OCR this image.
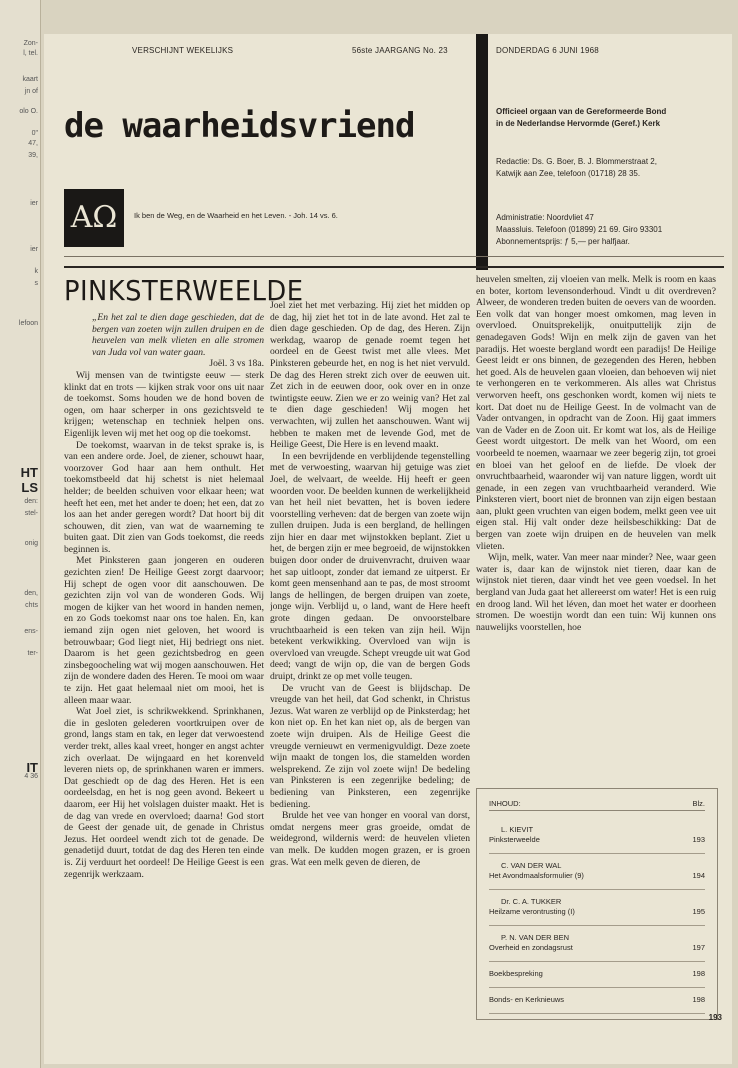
Zon-
l, tel.
kaart
jn of
olo O.
0"
47,
39,
ier
ier
k
s
lefoon
HT
LS
den:
stel-
onig
den,
chts
ens-
ter-
IT
4 36
VERSCHIJNT WEKELIJKS	56ste JAARGANG No. 23	DONDERDAG 6 JUNI 1968
de waarheidsvriend
ΑΩ	Ik ben de Weg, en de Waarheid en het Leven. - Joh. 14 vs. 6.
Officieel orgaan van de Gereformeerde Bond
in de Nederlandse Hervormde (Geref.) Kerk
Redactie: Ds. G. Boer, B. J. Blommerstraat 2,
Katwijk aan Zee, telefoon (01718) 28 35.
Administratie: Noordvliet 47
Maassluis. Telefoon (01899) 21 69. Giro 93301
Abonnementsprijs: ƒ 5,— per halfjaar.
PINKSTERWEELDE

„En het zal te dien dage geschieden, dat de bergen van zoeten wijn zullen druipen en de heuvelen van melk vlieten en alle stromen van Juda vol van water gaan.

Joël. 3 vs 18a.

Wij mensen van de twintigste eeuw — sterk klinkt dat en trots — kijken strak voor ons uit naar de toekomst. Soms houden we de hond boven de ogen, om haar scherper in ons gezichtsveld te krijgen; wetenschap en techniek helpen ons. Eigenlijk leven wij met het oog op die toekomst.

De toekomst, waarvan in de tekst sprake is, is van een andere orde. Joel, de ziener, schouwt haar, voorzover God haar aan hem onthult. Het toekomstbeeld dat hij schetst is niet helemaal helder; de beelden schuiven voor elkaar heen; wat heeft het een, met het ander te doen; het een, dat zo los aan het ander geregen wordt? Dat hoort bij dit schouwen, dit zien, van wat de waarneming te buiten gaat. Dit zien van Gods toekomst, die reeds beginnen is.

Met Pinksteren gaan jongeren en ouderen gezichten zien! De Heilige Geest zorgt daarvoor; Hij schept de ogen voor dit aanschouwen. De gezichten zijn vol van de wonderen Gods. Wij mogen de kijker van het woord in handen nemen, en zo Gods toekomst naar ons toe halen. En, kan iemand zijn ogen niet geloven, het woord is betrouwbaar; God liegt niet, Hij bedriegt ons niet. Daarom is het geen gezichtsbedrog en geen zinsbegoocheling wat wij mogen aanschouwen. Het zijn de wondere daden des Heren. Te mooi om waar te zijn. Het gaat helemaal niet om mooi, het is alleen maar waar.

Wat Joel ziet, is schrikwekkend. Sprinkhanen, die in gesloten gelederen voortkruipen over de grond, langs stam en tak, en leger dat verwoestend verder trekt, alles kaal vreet, honger en angst achter zich overlaat. De wijngaard en het korenveld leveren niets op, de sprinkhanen waren er immers. Dat geschiedt op de dag des Heren. Het is een oordeelsdag, en het is nog geen avond. Bekeert u daarom, eer Hij het volslagen duister maakt. Het is de dag van vrede en overvloed; daarna! God stort de Geest der genade uit, de genade in Christus Jezus. Het oordeel wendt zich tot de genade. De genadetijd duurt, totdat de dag des Heren ten einde is. Zij verduurt het oordeel! De Heilige Geest is een zegenrijk werkzaam.

Joel ziet het met verbazing. Hij ziet het midden op de dag, hij ziet het tot in de late avond. Het zal te dien dage geschieden. Op de dag, des Heren. Zijn werkdag, waarop de genade roemt tegen het oordeel en de Geest twist met alle vlees. Met Pinksteren gebeurde het, en nog is het niet vervuld. De dag des Heren strekt zich over de eeuwen uit. Zet zich in de eeuwen door, ook over en in onze twintigste eeuw. Zien we er zo weinig van? Het zal te dien dage geschieden! Wij mogen het verwachten, wij zullen het aanschouwen. Want wij hebben te maken met de levende God, met de Heilige Geest, Die Here is en levend maakt.

In een bevrijdende en verblijdende tegenstelling met de verwoesting, waarvan hij getuige was ziet Joel, de welvaart, de weelde. Hij heeft er geen woorden voor. De beelden kunnen de werkelijkheid van het heil niet bevatten, het is boven iedere voorstelling verheven: dat de bergen van zoete wijn zullen druipen. Juda is een bergland, de hellingen zijn hier en daar met wijnstokken beplant. Ziet u het, de bergen zijn er mee begroeid, de wijnstokken buigen door onder de druivenvracht, druiven waar het sap uitloopt, zonder dat iemand ze uitperst. Er komt geen mensenhand aan te pas, de most stroomt langs de hellingen, de bergen druipen van zoete, jonge wijn. Verblijd u, o land, want de Here heeft grote dingen gedaan. De onvoorstelbare vruchtbaarheid is een teken van zijn heil. Wijn betekent verkwikking. Overvloed van wijn is overvloed van vreugde. Schept vreugde uit wat God deed; vangt de wijn op, die van de bergen Gods druipt, drinkt ze op met volle teugen.

De vrucht van de Geest is blijdschap. De vreugde van het heil, dat God schenkt, in Christus Jezus. Wat waren ze verblijd op de Pinksterdag; het kon niet op. En het kan niet op, als de bergen van zoete wijn druipen. Als de Heilige Geest die vreugde vernieuwt en vermenigvuldigt. Deze zoete wijn maakt de tongen los, die stamelden worden welsprekend. Ze zijn vol zoete wijn! De bedeling van Pinksteren is een zegenrijke bedeling; de bediening van Pinksteren, een zegenrijke bediening.

Brulde het vee van honger en vooral van dorst, omdat nergens meer gras groeide, omdat de weidegrond, wildernis werd: de heuvelen vlieten van melk. De kudden mogen grazen, er is groen gras. Wat een melk geven de dieren, de

heuvelen smelten, zij vloeien van melk. Melk is room en kaas en boter, kortom levensonderhoud. Vindt u dit overdreven? Alweer, de wonderen treden buiten de oevers van de woorden. Een volk dat van honger moest omkomen, mag leven in overvloed. Onuitsprekelijk, onuitputtelijk zijn de genadegaven Gods! Wijn en melk zijn de gaven van het paradijs. Het woeste bergland wordt een paradijs! De Heilige Geest leidt er ons binnen, de gezegenden des Heren, hebben het goed. Als de heuvelen gaan vloeien, dan behoeven wij niet te verhongeren en te verkommeren. Als alles wat Christus verworven heeft, ons geschonken wordt, komen wij niets te kort. Dat doet nu de Heilige Geest. In de volmacht van de Vader ontvangen, in opdracht van de Zoon. Hij gaat immers van de Vader en de Zoon uit. Er komt wat los, als de Heilige Geest wordt uitgestort. De melk van het Woord, om een voorbeeld te noemen, waarnaar we zeer begerig zijn, tot groei en bloei van het geloof en de liefde. De vloek der onvruchtbaarheid, waaronder wij van nature liggen, wordt uit genade, in een zegen van vruchtbaarheid veranderd. Wie Pinksteren viert, boort niet de bronnen van zijn eigen bestaan aan, plukt geen vruchten van eigen bodem, melkt geen vee uit eigen stal. Hij valt onder deze heilsbeschikking: Dat de bergen van zoete wijn druipen en de heuvelen van melk vlieten.

Wijn, melk, water. Van meer naar minder? Nee, waar geen water is, daar kan de wijnstok niet tieren, daar kan de wijnstok niet tieren, daar vindt het vee geen voedsel. In het bergland van Juda gaat het allereerst om water! Het is een ruig en droog land. Wil het léven, dan moet het water er doorheen stromen. De woestijn wordt dan een tuin: Wij kunnen ons nauwelijks voorstellen, hoe

INHOUD:	Blz.
L. KIEVIT
Pinksterweelde	193
C. VAN DER WAL
Het Avondmaalsformulier (9)	194
Dr. C. A. TUKKER
Heilzame verontrusting (I)	195
P. N. VAN DER BEN
Overheid en zondagsrust	197
Boekbespreking	198
Bonds- en Kerknieuws	198
193
